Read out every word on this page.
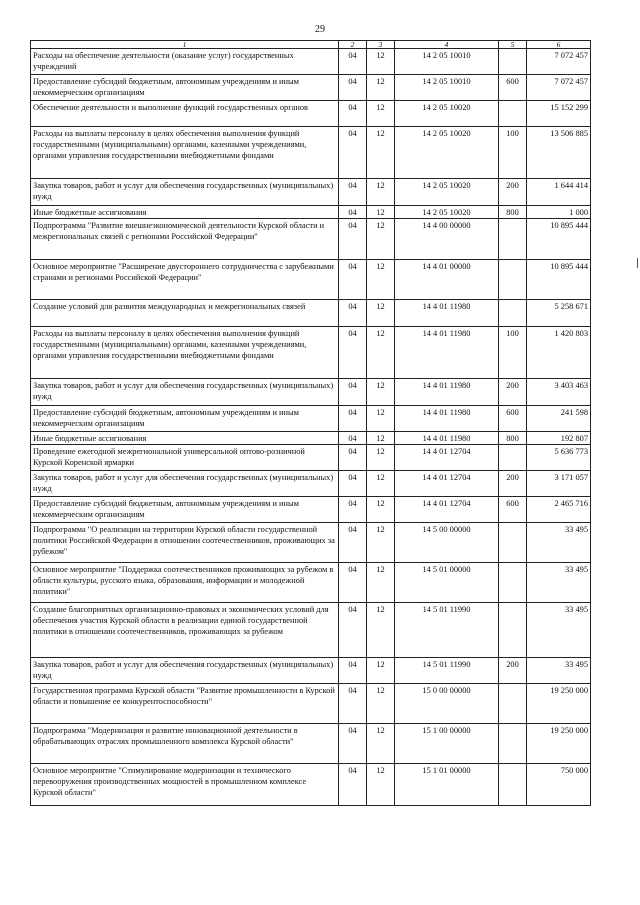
29
1	2	3	4	5	6
Расходы на обеспечение деятельности (оказание услуг) государственных учреждений	04	12	14 2 05 10010		7 072 457
Предоставление субсидий бюджетным, автономным учреждениям и иным некоммерческим организациям	04	12	14 2 05 10010	600	7 072 457
Обеспечение деятельности и выполнение функций государственных органов	04	12	14 2 05 10020		15 152 299
Расходы на выплаты персоналу в целях обеспечения выполнения функций государственными (муниципальными) органами, казенными учреждениями, органами управления государственными внебюджетными фондами	04	12	14 2 05 10020	100	13 506 885
Закупка товаров, работ и услуг для обеспечения государственных (муниципальных) нужд	04	12	14 2 05 10020	200	1 644 414
Иные бюджетные ассигнования	04	12	14 2 05 10020	800	1 000
Подпрограмма "Развитие внешнеэкономической деятельности Курской области и межрегиональных связей с регионами Российской Федерации"	04	12	14 4 00 00000		10 895 444
Основное мероприятие "Расширение двустороннего сотрудничества с зарубежными странами и регионами Российской Федерации"	04	12	14 4 01 00000		10 895 444
Создание условий для развития международных и межрегиональных связей	04	12	14 4 01 11980		5 258 671
Расходы на выплаты персоналу в целях обеспечения выполнения функций государственными (муниципальными) органами, казенными учреждениями, органами управления государственными внебюджетными фондами	04	12	14 4 01 11980	100	1 420 803
Закупка товаров, работ и услуг для обеспечения государственных (муниципальных) нужд	04	12	14 4 01 11980	200	3 403 463
Предоставление субсидий бюджетным, автономным учреждениям и иным некоммерческим организациям	04	12	14 4 01 11980	600	241 598
Иные бюджетные ассигнования	04	12	14 4 01 11980	800	192 807
Проведение ежегодной межрегиональной универсальной оптово-розничной Курской Коренской ярмарки	04	12	14 4 01 12704		5 636 773
Закупка товаров, работ и услуг для обеспечения государственных (муниципальных) нужд	04	12	14 4 01 12704	200	3 171 057
Предоставление субсидий бюджетным, автономным учреждениям и иным некоммерческим организациям	04	12	14 4 01 12704	600	2 465 716
Подпрограмма "О реализации на территории Курской области государственной политики Российской Федерации в отношении соотечественников, проживающих за рубежом"	04	12	14 5 00 00000		33 495
Основное мероприятие "Поддержка соотечественников проживающих за рубежом в области культуры, русского языка, образования, информации и молодежной политики"	04	12	14 5 01 00000		33 495
Создание благоприятных организационно-правовых и экономических условий для обеспечения участия Курской области в реализации единой государственной политики в отношении соотечественников, проживающих за рубежом	04	12	14 5 01 11990		33 495
Закупка товаров, работ и услуг для обеспечения государственных (муниципальных) нужд	04	12	14 5 01 11990	200	33 495
Государственная программа Курской области "Развитие промышленности в Курской области и повышение ее конкурентоспособности"	04	12	15 0 00 00000		19 250 000
Подпрограмма "Модернизация и развитие инновационной деятельности в обрабатывающих отраслях промышленного комплекса Курской области"	04	12	15 1 00 00000		19 250 000
Основное мероприятие "Стимулирование модернизации и технического перевооружения производственных мощностей в промышленном комплексе Курской области"	04	12	15 1 01 00000		750 000
